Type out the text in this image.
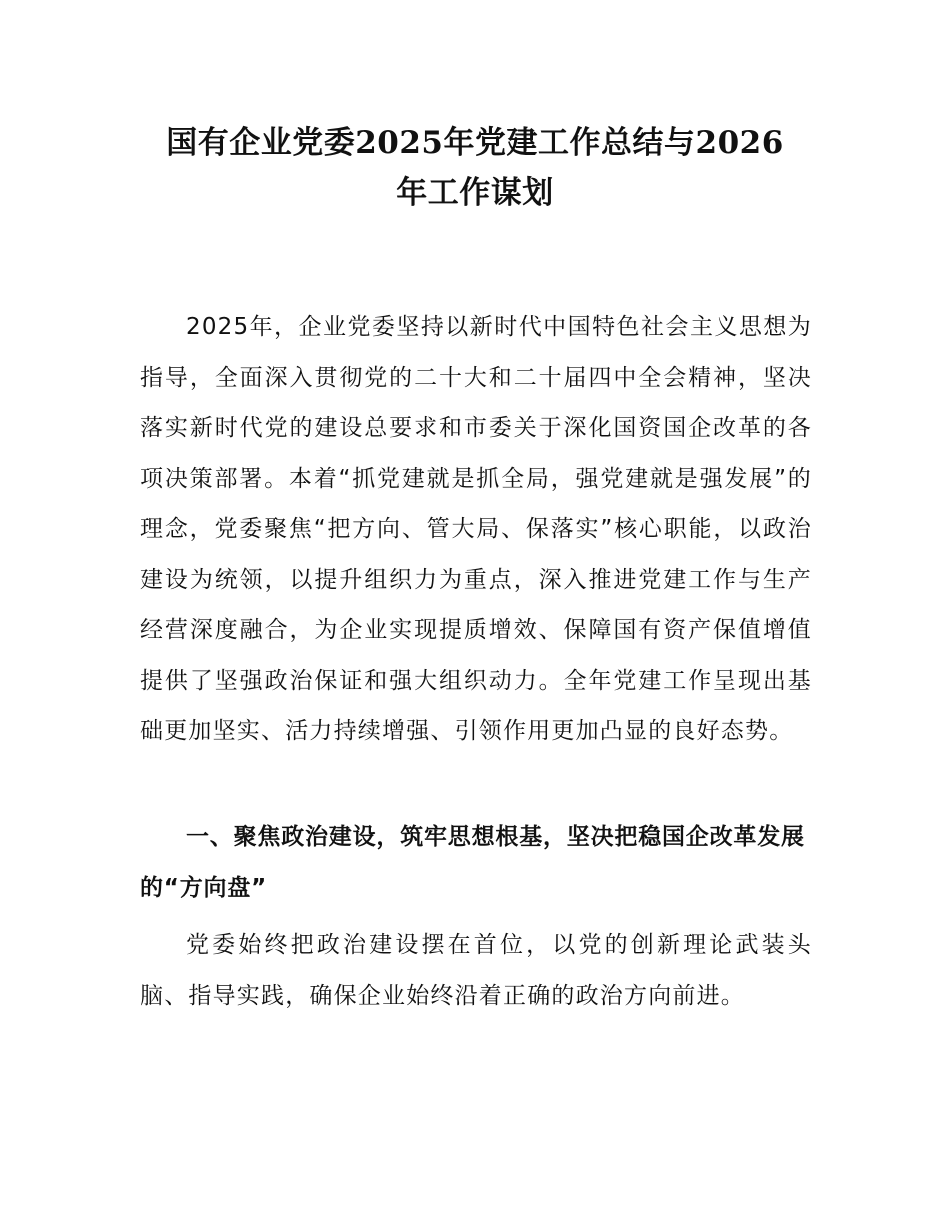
国有企业党委2025年党建工作总结与2026
年工作谋划

2025年，企业党委坚持以新时代中国特色社会主义思想为指导，全面深入贯彻党的二十大和二十届四中全会精神，坚决落实新时代党的建设总要求和市委关于深化国资国企改革的各项决策部署。本着“抓党建就是抓全局，强党建就是强发展”的理念，党委聚焦“把方向、管大局、保落实”核心职能，以政治建设为统领，以提升组织力为重点，深入推进党建工作与生产经营深度融合，为企业实现提质增效、保障国有资产保值增值提供了坚强政治保证和强大组织动力。全年党建工作呈现出基础更加坚实、活力持续增强、引领作用更加凸显的良好态势。

一、聚焦政治建设，筑牢思想根基，坚决把稳国企改革发展的“方向盘”

党委始终把政治建设摆在首位，以党的创新理论武装头脑、指导实践，确保企业始终沿着正确的政治方向前进。
